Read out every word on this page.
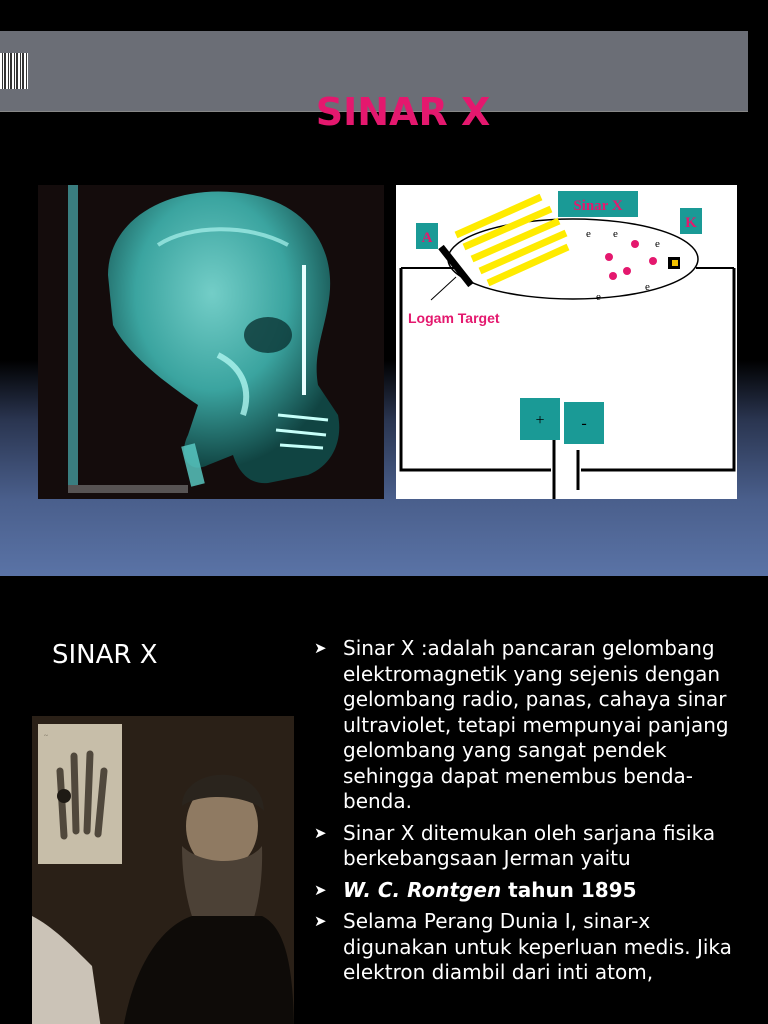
SINAR X
A
Sinar X
K
Logam Target
e e
e
e
e
+ -
SINAR X
~
➤ Sinar X :adalah pancaran gelombang elektromagnetik yang sejenis dengan gelombang radio, panas, cahaya sinar ultraviolet, tetapi mempunyai panjang gelombang yang sangat pendek sehingga dapat menembus benda-benda.
➤ Sinar X ditemukan oleh sarjana fisika berkebangsaan Jerman yaitu
➤ W. C. Rontgen tahun 1895
➤ Selama Perang Dunia I, sinar-x digunakan untuk keperluan medis. Jika elektron diambil dari inti atom,
